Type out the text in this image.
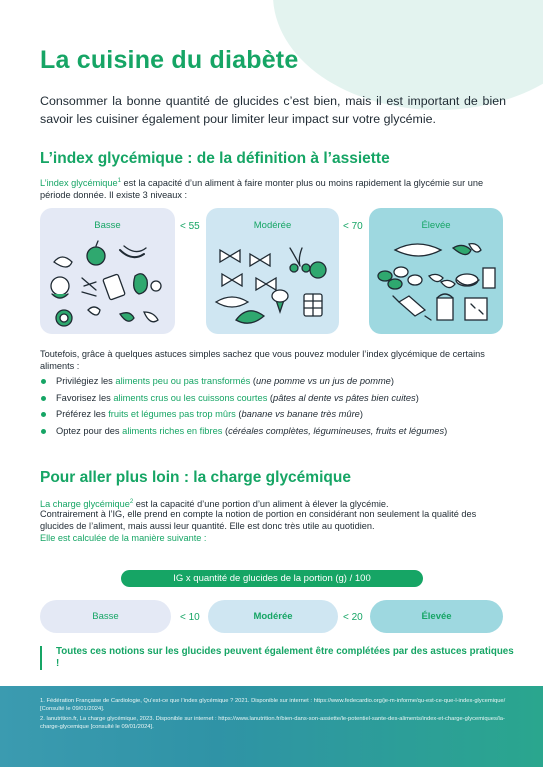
La cuisine du diabète

Consommer la bonne quantité de glucides c’est bien, mais il est important de bien savoir les cuisiner également pour limiter leur impact sur votre glycémie.

L’index glycémique : de la définition à l’assiette

L’index glycémique$^1$ est la capacité d’un aliment à faire monter plus ou moins rapidement la glycémie sur une période donnée. Il existe 3 niveaux :

Basse	< 55	Modérée	< 70	Élevée

Toutefois, grâce à quelques astuces simples sachez que vous pouvez moduler l’index glycémique de certains aliments :

Privilégiez les aliments peu ou pas transformés (une pomme vs un jus de pomme)
Favorisez les aliments crus ou les cuissons courtes (pâtes al dente vs pâtes bien cuites)
Préférez les fruits et légumes pas trop mûrs (banane vs banane très mûre)
Optez pour des aliments riches en fibres (céréales complètes, légumineuses, fruits et légumes)
Pour aller plus loin : la charge glycémique

La charge glycémique$^2$ est la capacité d’une portion d’un aliment à élever la glycémie.

Contrairement à l’IG, elle prend en compte la notion de portion en considérant non seulement la qualité des glucides de l’aliment, mais aussi leur quantité. Elle est donc très utile au quotidien.

Elle est calculée de la manière suivante :

IG x quantité de glucides de la portion (g) / 100
Basse	< 10	Modérée	< 20	Élevée
Toutes ces notions sur les glucides peuvent également être complétées par des astuces pratiques !

1. Fédération Française de Cardiologie, Qu’est-ce que l’index glycémique ? 2021. Disponible sur internet : https://www.fedecardio.org/je-m-informe/qu-est-ce-que-l-index-glycemique/ [Consulté le 09/01/2024].

2. lanutrition.fr, La charge glycémique, 2023. Disponible sur internet : https://www.lanutrition.fr/bien-dans-son-assiette/le-potentiel-sante-des-aliments/index-et-charge-glycemiques/la-charge-glycemique [consulté le 09/01/2024].
